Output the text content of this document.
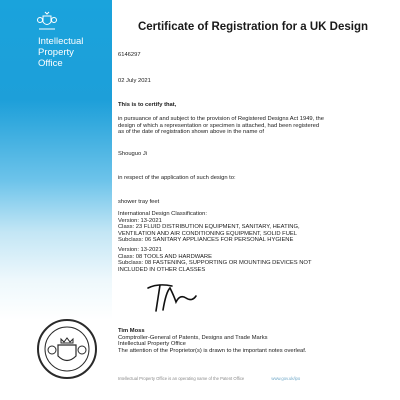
Intellectual
Property
Office
Certificate of Registration for a UK Design
6146297
02 July 2021
This is to certify that,
in pursuance of and subject to the provision of Registered Designs Act 1949, the
design of which a representation or specimen is attached, had been registered
as of the date of registration shown above in the name of
Shouguo Ji
in respect of the application of such design to:
shower tray feet
International Design Classification:
Version: 13-2021
Class: 23 FLUID DISTRIBUTION EQUIPMENT, SANITARY, HEATING,
VENTILATION AND AIR CONDITIONING EQUIPMENT, SOLID FUEL
Subclass: 06 SANITARY APPLIANCES FOR PERSONAL HYGIENE
Version: 13-2021
Class: 08 TOOLS AND HARDWARE
Subclass: 08 FASTENING, SUPPORTING OR MOUNTING DEVICES NOT
INCLUDED IN OTHER CLASSES
Tim Moss
Comptroller-General of Patents, Designs and Trade Marks
Intellectual Property Office
The attention of the Proprietor(s) is drawn to the important notes overleaf.
Intellectual Property Office is an operating name of the Patent Office	www.gov.uk/ipo
